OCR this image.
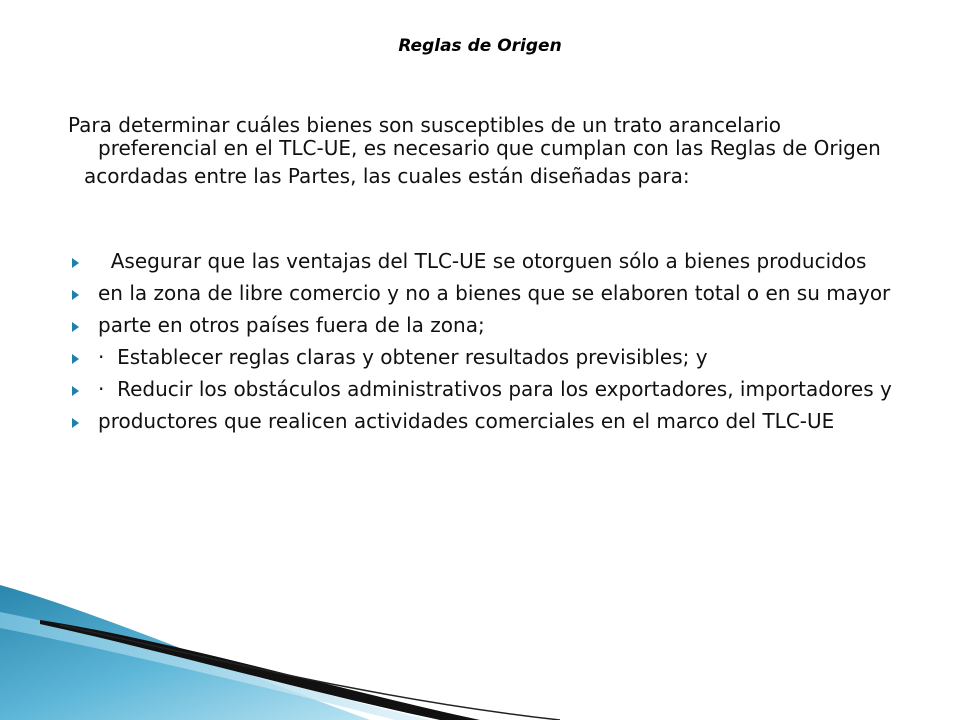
Reglas de Origen
Para determinar cuáles bienes son susceptibles de un trato arancelario preferencial en el TLC-UE, es necesario que cumplan con las Reglas de Origen
acordadas entre las Partes, las cuales están diseñadas para:
Asegurar que las ventajas del TLC-UE se otorguen sólo a bienes producidos
en la zona de libre comercio y no a bienes que se elaboren total o en su mayor
parte en otros países fuera de la zona;
·  Establecer reglas claras y obtener resultados previsibles; y
·  Reducir los obstáculos administrativos para los exportadores, importadores y
productores que realicen actividades comerciales en el marco del TLC-UE
